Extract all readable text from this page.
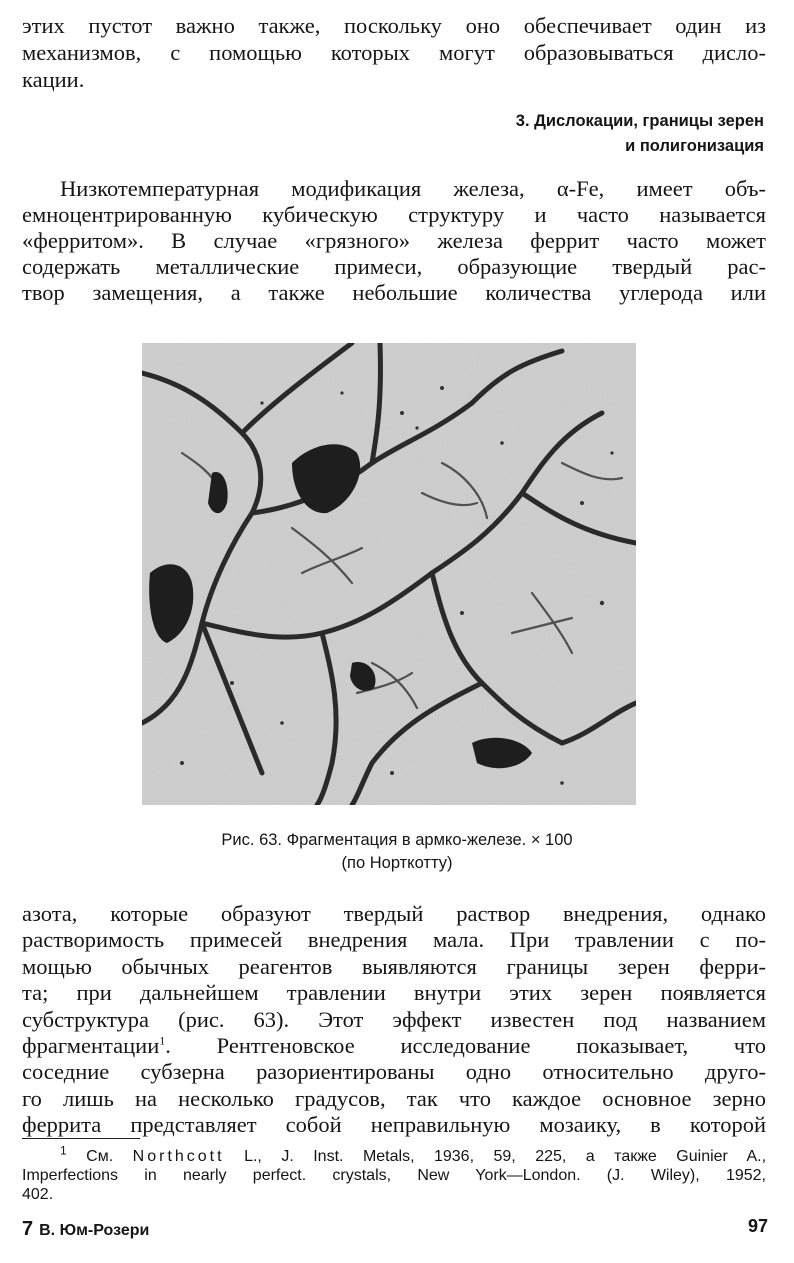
этих пустот важно также, поскольку оно обеспечивает один из
механизмов, с помощью которых могут образовываться дисло-
кации.
3. Дислокации, границы зерен
и полигонизация
Низкотемпературная модификация железа, α-Fe, имеет объ-
емноцентрированную кубическую структуру и часто называется
«ферритом». В случае «грязного» железа феррит часто может
содержать металлические примеси, образующие твердый рас-
твор замещения, а также небольшие количества углерода или
Рис. 63. Фрагментация в армко-железе. × 100
(по Норткотту)
азота, которые образуют твердый раствор внедрения, однако
растворимость примесей внедрения мала. При травлении с по-
мощью обычных реагентов выявляются границы зерен ферри-
та; при дальнейшем травлении внутри этих зерен появляется
субструктура (рис. 63). Этот эффект известен под названием
фрагментации$^1$. Рентгеновское исследование показывает, что
соседние субзерна разориентированы одно относительно друго-
го лишь на несколько градусов, так что каждое основное зерно
феррита представляет собой неправильную мозаику, в которой
$^1$ См. Northcott L., J. Inst. Metals, 1936, 59, 225, а также Guinier A.,
Imperfections in nearly perfect. crystals, New York—London. (J. Wiley), 1952,
402.
7 В. Юм-Розери	97
